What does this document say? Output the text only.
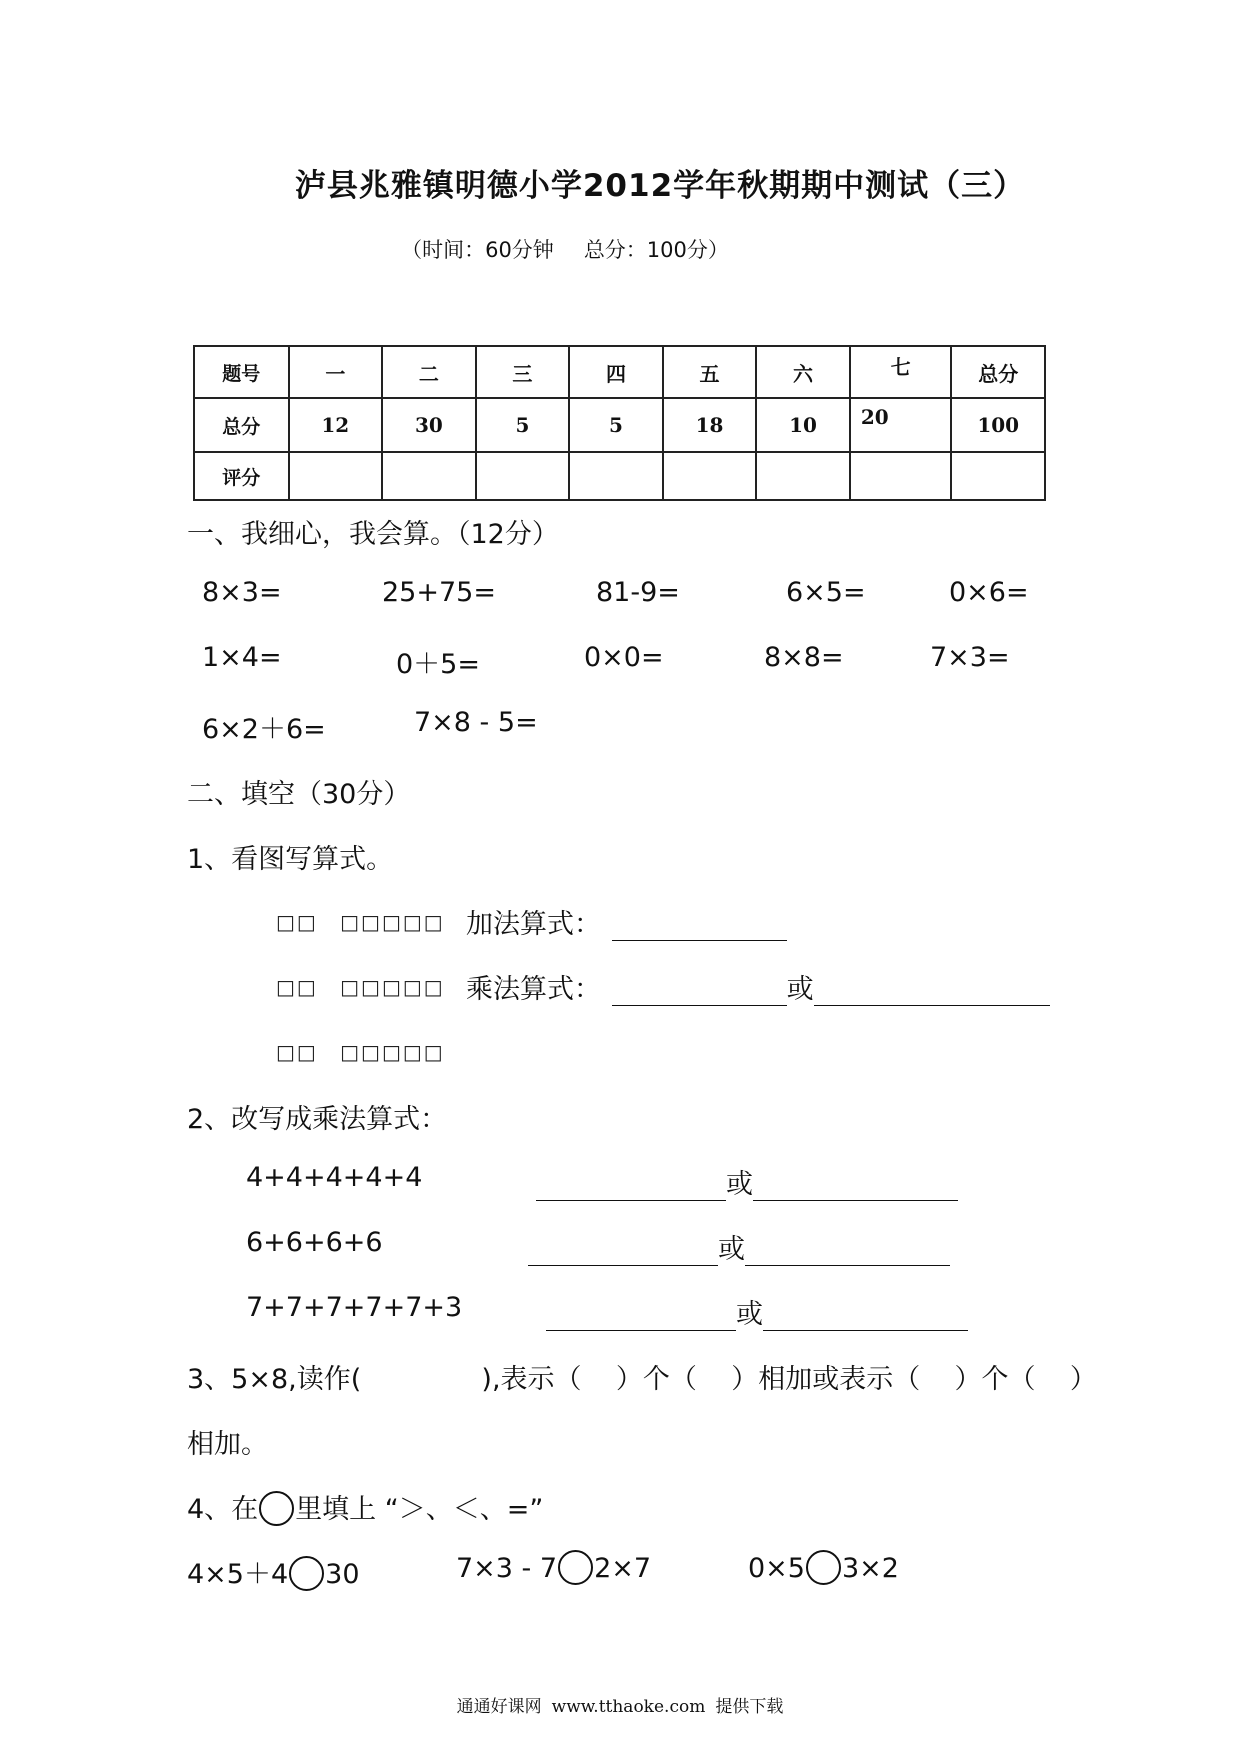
泸县兆雅镇明德小学2012学年秋期期中测试（三）
（时间：60分钟 总分：100分）
题号	一	二	三	四	五	六	七	总分
总分	12	30	5	5	18	10	20	100
评分								
一、我细心，我会算。（12分）
8×3=	25+75=	81-9=	6×5=	0×6=
1×4=	0＋5=	0×0=	8×8=	7×3=
6×2＋6=	7×8 - 5=
二、填空（30分）
1、看图写算式。
□□ □□□□□ 加法算式：
□□ □□□□□ 乘法算式：	或
□□ □□□□□
2、改写成乘法算式：
4+4+4+4+4	或
6+6+6+6	或
7+7+7+7+7+3	或
3、5×8,读作(              ),表示（    ）个（    ）相加或表示（    ）个（    ）
相加。
4、在 里填上 “＞、＜、=”
4×5＋4 30	7×3 - 7 2×7	0×5 3×2
通通好课网 www.tthaoke.com 提供下载
